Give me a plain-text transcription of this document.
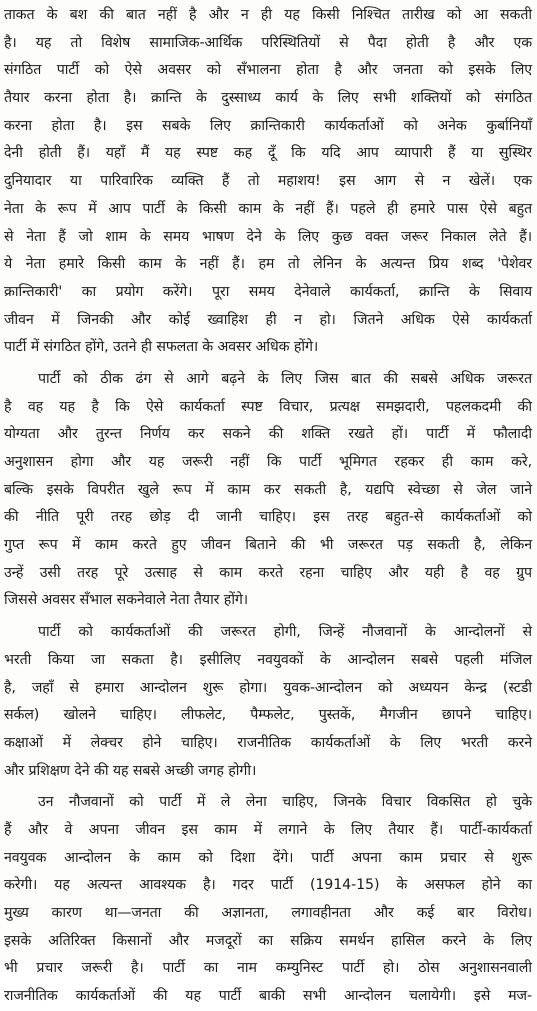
ताकत के बश की बात नहीं है और न ही यह किसी निश्चित तारीख को आ सकती
है। यह तो विशेष सामाजिक-आर्थिक परिस्थितियों से पैदा होती है और एक
संगठित पार्टी को ऐसे अवसर को सँभालना होता है और जनता को इसके लिए
तैयार करना होता है। क्रान्ति के दुस्साध्य कार्य के लिए सभी शक्तियों को संगठित
करना होता है। इस सबके लिए क्रान्तिकारी कार्यकर्ताओं को अनेक कुर्बानियाँ
देनी होती हैं। यहाँ मैं यह स्पष्ट कह दूँ कि यदि आप व्यापारी हैं या सुस्थिर
दुनियादार या पारिवारिक व्यक्ति हैं तो महाशय! इस आग से न खेलें। एक
नेता के रूप में आप पार्टी के किसी काम के नहीं हैं। पहले ही हमारे पास ऐसे बहुत
से नेता हैं जो शाम के समय भाषण देने के लिए कुछ वक्त जरूर निकाल लेते हैं।
ये नेता हमारे किसी काम के नहीं हैं। हम तो लेनिन के अत्यन्त प्रिय शब्द 'पेशेवर
क्रान्तिकारी' का प्रयोग करेंगे। पूरा समय देनेवाले कार्यकर्ता, क्रान्ति के सिवाय
जीवन में जिनकी और कोई ख्वाहिश ही न हो। जितने अधिक ऐसे कार्यकर्ता
पार्टी में संगठित होंगे, उतने ही सफलता के अवसर अधिक होंगे।
पार्टी को ठीक ढंग से आगे बढ़ने के लिए जिस बात की सबसे अधिक जरूरत
है वह यह है कि ऐसे कार्यकर्ता स्पष्ट विचार, प्रत्यक्ष समझदारी, पहलकदमी की
योग्यता और तुरन्त निर्णय कर सकने की शक्ति रखते हों। पार्टी में फौलादी
अनुशासन होगा और यह जरूरी नहीं कि पार्टी भूमिगत रहकर ही काम करे,
बल्कि इसके विपरीत खुले रूप में काम कर सकती है, यद्यपि स्वेच्छा से जेल जाने
की नीति पूरी तरह छोड़ दी जानी चाहिए। इस तरह बहुत-से कार्यकर्ताओं को
गुप्त रूप में काम करते हुए जीवन बिताने की भी जरूरत पड़ सकती है, लेकिन
उन्हें उसी तरह पूरे उत्साह से काम करते रहना चाहिए और यही है वह ग्रुप
जिससे अवसर सँभाल सकनेवाले नेता तैयार होंगे।
पार्टी को कार्यकर्ताओं की जरूरत होगी, जिन्हें नौजवानों के आन्दोलनों से
भरती किया जा सकता है। इसीलिए नवयुवकों के आन्दोलन सबसे पहली मंजिल
है, जहाँ से हमारा आन्दोलन शुरू होगा। युवक-आन्दोलन को अध्ययन केन्द्र (स्टडी
सर्कल) खोलने चाहिए। लीफलेट, पैम्फलेट, पुस्तकें, मैगजीन छापने चाहिए।
कक्षाओं में लेक्चर होने चाहिए। राजनीतिक कार्यकर्ताओं के लिए भरती करने
और प्रशिक्षण देने की यह सबसे अच्छी जगह होगी।
उन नौजवानों को पार्टी में ले लेना चाहिए, जिनके विचार विकसित हो चुके
हैं और वे अपना जीवन इस काम में लगाने के लिए तैयार हैं। पार्टी-कार्यकर्ता
नवयुवक आन्दोलन के काम को दिशा देंगे। पार्टी अपना काम प्रचार से शुरू
करेगी। यह अत्यन्त आवश्यक है। गदर पार्टी (1914-15) के असफल होने का
मुख्य कारण था—जनता की अज्ञानता, लगावहीनता और कई बार विरोध।
इसके अतिरिक्त किसानों और मजदूरों का सक्रिय समर्थन हासिल करने के लिए
भी प्रचार जरूरी है। पार्टी का नाम कम्युनिस्ट पार्टी हो। ठोस अनुशासनवाली
राजनीतिक कार्यकर्ताओं की यह पार्टी बाकी सभी आन्दोलन चलायेगी। इसे मज-
